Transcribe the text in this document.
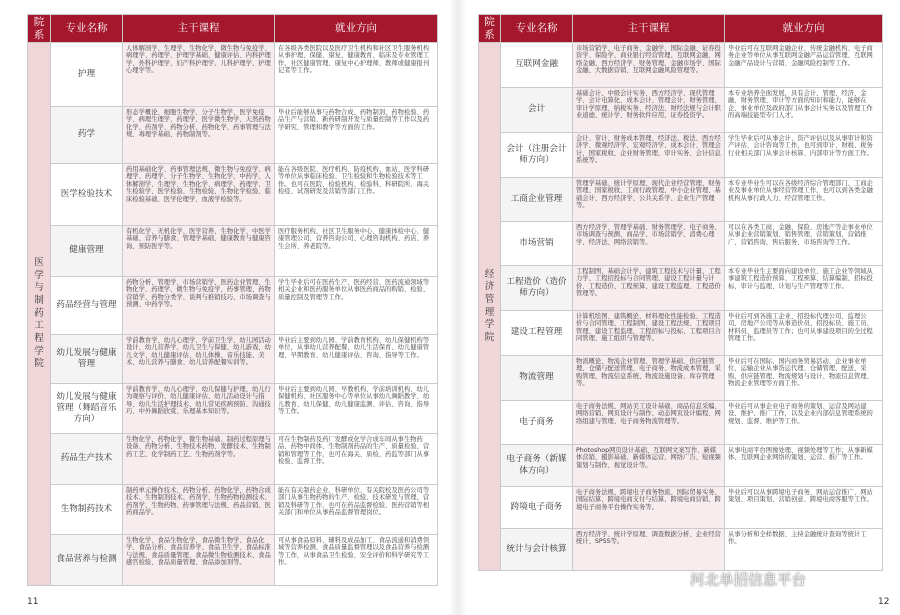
院系	专业名称	主干课程	就业方向
医学与制药工程学院	护理	人体解剖学、生理学、生物化学、微生物与免疫学、病理学、药理学、护理学基础、健康评估、内科护理学、外科护理学、妇产科护理学、儿科护理学、护理心理学等。	在各级各类医院以及医疗卫生机构和社区卫生服务机构从事护理、保健、康复、健康教育、临床及专业管理工作，社区健康管理、康复中心护理师、教师或健康报刊记者等工作。
	药学	形态学概论、细胞生物学、分子生物学、医学免疫学、病理生理学、药理学、医学微生物学、天然药物化学、药剂学、药物分析、药物化学、药事管理与法规、毒理学基础、药物制剂等。	毕业后能够从事与药物合成、药物制剂、药物检验、药品生产与营销、新药研制开发与质量控制等工作以及药学研究、管理和教学等方面的工作。
	医学检验技术	药用基础化学、药事管理法规、微生物与免疫学、病理学、药理学、分子生物学、生物化学、中药学、人体解剖学、生理学、生物化学、病理学、药理学、卫生检验学、医学检验、生物检验、生物化学检验、临床检验基础、医学伦理学、血液学检验等。	能在各级医院、医疗机构、防疫机构、血站、医学科研等单位从事临床检验、卫生检验和生物检验技术等工作。也可在医院、检验机构、检验科、科研院所、海关检疫、试剂研发及营销等部门工作。
	健康管理	有机化学、无机化学、医学营养、生物化学、中医学基础、营养与膳食、管理学基础、健康教育与健康咨询、预防医学等。	医疗服务机构、社区卫生服务中心、健康体检中心、健康管理公司、营养咨询公司、心理咨询机构、药店、养生会所、养老院等。
	药品经营与管理	药物分析、管理学、市场营销学、医药企业管理、生物化学、药理学、微生物与免疫学、药事管理、药物营销学、药物分类学、谈判与推销技巧、市场调查与预测、中药学等。	学生毕业后可在医药生产、医药经营、医药流通领域等相关企业和医药服务单位从事医药商品的购销、检验、质量控制及管理等工作。
	幼儿发展与健康管理	学前教育学、幼儿心理学、学前卫生学、幼儿园活动设计、幼儿营养学、幼儿卫生与保健、幼儿游戏、幼儿文学、幼儿健康评估、幼儿体操、音乐技能、美术、幼儿营养与膳食、幼儿营养配餐实训等。	毕业后主要到幼儿园、学前教育机构、幼儿保健机构等单位，从事幼儿营养配餐、幼儿生活保育、幼儿健康管理、早期教育、幼儿健康评估、咨询、指导等工作。
	幼儿发展与健康管理（舞蹈音乐方向）	学前教育学、幼儿心理学、幼儿保健与护理、幼儿行为观察与评价、幼儿健康评估、幼儿活动设计与指导、幼儿生活护理技术、幼儿常见疾病预防、沟通技巧、中外舞蹈欣赏、乐理基本知识等。	毕业后主要到幼儿园、早教机构、学前培训机构、幼儿保健机构、社区服务中心等单位从事幼儿舞蹈教学、幼儿教育、幼儿保健、幼儿健康监测、评估、咨询、指导等工作。
	药品生产技术	生物化学、药物化学、微生物基础、制药过程原理与设备、药物分析、生物技术药物、发酵技术、生物制药工艺、化学制药工艺、生物药剂学等。	可在生物制药及药厂发酵或化学合成车间从事生物药品、药物中间体、生物制剂药品的生产、质量检验、营销和管理等工作，也可在海关、质检、药监等部门从事检验、监督工作。
	生物制药技术	制药单元操作技术、药物分析、药物化学、药物合成技术、生物制剂技术、药剂学、生物药物检测技术、药剂学、生物药物、药事管理与法规、药品营销、医药商品学。	能在有关制药企业、科研单位、有关院校及医药公司等部门从事生物药物的生产、检验、技术研发与管理、营销及科研等工作，也可在药品监督检验、医药营销等相关部门和单位从事药品监督管理岗位。
	食品营养与检测	生物化学、食品生物化学、食品微生物学、食品化学、食品分析、食品营养学、食品卫生学、食品标准与法规、食品质量管理、食品微生物检测技术、食品感官检验、食品质量管理、食品添加剂等。	可从事食品原料、辅料及成品加工、食品流通和消费领域等营养检测、食品质量监督管理以及食品营养与检测等工作，从事食品卫生检验、安全评价和科学研究等工作。
11
院系	专业名称	主干课程	就业方向
经济管理学院	互联网金融	市场营销学、电子商务、金融学、国际金融、证券投资学、保险学、商业银行经营管理、互联网金融、网络金融、西方经济学、财务管理、金融市场学、国际金融、大数据营销、互联网金融风险管理等。	毕业后可在互联网金融企业、传统金融机构、电子商务企业等单位从事互联网金融产品运营管理、互联网金融产品设计与营销、金融风险控制等工作。
	会计	基础会计、中级会计实务、西方经济学、现代管理学、会计电算化、成本会计、管理会计、财务管理、审计学原理、纳税实务、经济法、财经法规与会计职业道德、统计学、财务软件应用、证券投资学。	本专业培养全面发展，具有会计、管理、经济、金融、财务管理、审计等方面的知识和能力，能够在企、事业单位及政府部门从事会计实务以及管理工作的高端技能型专门人才。
	会计（注册会计师方向）	会计、审计、财务成本管理、经济法、税法、西方经济学、微观经济学、宏观经济学、成本会计、管理会计、国家税收、企业财务管理、审计实务、会计信息系统等。	学生毕业后可从事会计、资产评估以及从事审计和资产评估、会计咨询等工作，也可到审计、财税、税务行业相关部门从事会计核算、内部审计等方面工作。
	工商企业管理	管理学基础、统计学原理、现代企业经营管理、财务管理、国家税收、工商行政管理、中小企业管理、基础会计、西方经济学、公共关系学、企业生产管理等。	本专业毕业生可以在各级经济综合管理部门、工商企业及事业单位从事经营管理工作，也可以到各类金融机构从事行政人力、经营管理工作。
	市场营销	西方经济学、管理学基础、财务管理学、电子商务、市场调查与预测、商品学、市场营销学、消费心理学、经济法、网络营销等。	可以在各类工商、金融、保险、房地产等企事业单位从事企业营销策划、销售管理、营销策划、营销推广、营销咨询、售后服务、市场咨询等工作。
	工程造价（造价师方向）	工程制图、基础会计学、建筑工程技术与计量、工程力学、工程招投标与合同管理、建设工程计量与计价、工程造价、工程预算、建设工程监理、工程造价管理等。	本专业毕业生主要面向建设单位、施工企业等领域从事建筑工程造价预算、工程预算、结算编制、招标投标、审计与监理、计划与生产管理等工作。
	建设工程管理	计算机绘图、建筑概论、材料理化性能检验、工程造价与合同管理、工程制图、建设工程法规、工程项目管理、建设工程监理、工程招标与投标、工程项目合同管理、施工组织与管理等。	毕业后可到各施工企业、招投标代理公司、监理公司、房地产公司等从事造价员、招投标员、施工员、材料员、监理员等工作；也可从事建设项目的全过程管理工作。
	物流管理	物流概论、物流企业管理、管理学基础、供应链管理、仓储与配送管理、电子商务、物流成本管理、采购管理、物流信息系统、物流设施设备、库存管理等。	毕业后可在国际、国内商务贸易活动、企业事业单位、运输企业从事货运代理、仓储管理、配送、采购、供应链管理、物流规划与设计、物流信息管理、物流企业管理等方面工作。
	电子商务	电子商务法规、网站美工设计基础、商品信息采编、网络营销、网页设计与制作、动态网页设计编程、网络组建与管理、电子商务物流管理等。	毕业后可从事企业电子商务的策划、运营及网站建设、维护、推广工作，以及企业内部信息管理系统的规划、监督、维护等工作。
	电子商务（新媒体方向）	Photoshop网页设计基础、互联网文案写作、新媒体营销、摄影基础、新媒体运营、网络广告、短视频策划与制作、视觉设计等。	从事电商平台图像处理、视频处理等工作；从事新媒体、互联网企业网络的策划、运营、推广等工作。
	跨境电子商务	电子商务法规、跨境电子商务物流、国际贸易实务、国际结算、跨境电商支付与结算、跨境电商营销、跨境电子商务平台操作实务等。	毕业后可以从事跨境电子商务、网站运营推广、网站策划、项目策划、营销创意、跨境电商客服等工作。
	统计与会计核算	西方经济学、统计学原理、调查数据分析、企业经营统计、SPSS等。	从事分析和全样数据、主持金融统计查询等统计工作。
12
河北单招信息平台
